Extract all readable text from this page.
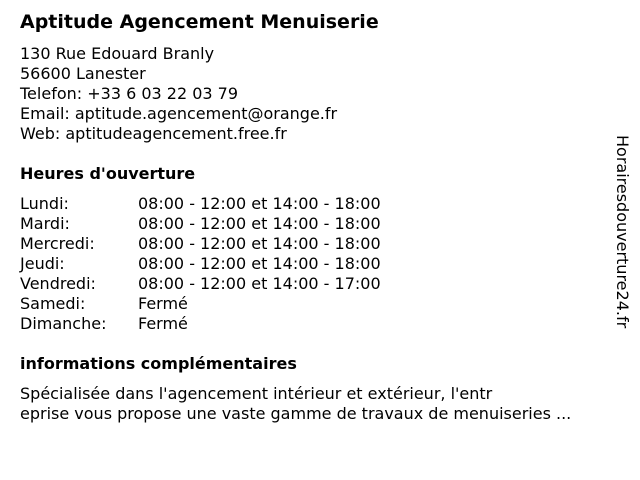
Aptitude Agencement Menuiserie
130 Rue Edouard Branly
56600 Lanester
Telefon: +33 6 03 22 03 79
Email: aptitude.agencement@orange.fr
Web: aptitudeagencement.free.fr
Heures d'ouverture
Lundi:	08:00 - 12:00 et 14:00 - 18:00
Mardi:	08:00 - 12:00 et 14:00 - 18:00
Mercredi:	08:00 - 12:00 et 14:00 - 18:00
Jeudi:	08:00 - 12:00 et 14:00 - 18:00
Vendredi:	08:00 - 12:00 et 14:00 - 17:00
Samedi:	Fermé
Dimanche: Fermé
informations complémentaires
Spécialisée dans l'agencement intérieur et extérieur, l'entr
eprise vous propose une vaste gamme de travaux de menuiseries ...
Horairesdouverture24.fr
